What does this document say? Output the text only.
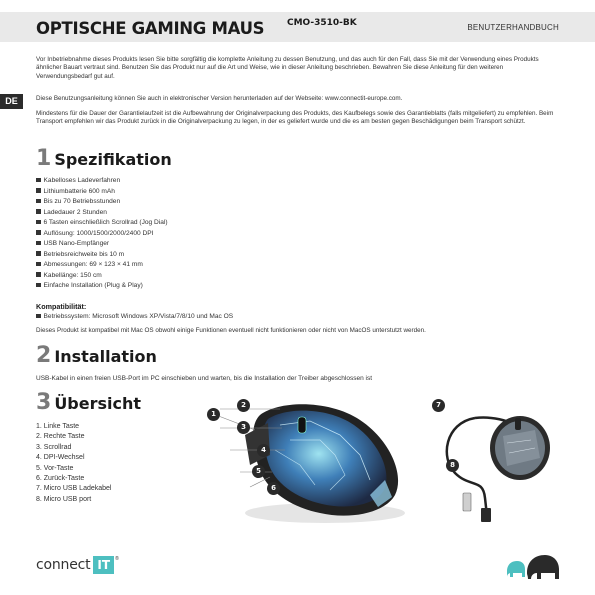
OPTISCHE GAMING MAUS	CMO-3510-BK	BENUTZERHANDBUCH
DE

Vor Inbetriebnahme dieses Produkts lesen Sie bitte sorgfältig die komplette Anleitung zu dessen Benutzung, und das auch für den Fall, dass Sie mit der Verwendung eines Produkts ähnlicher Bauart vertraut sind. Benutzen Sie das Produkt nur auf die Art und Weise, wie in dieser Anleitung beschrieben. Bewahren Sie diese Anleitung für den weiteren Verwendungsbedarf gut auf.

Diese Benutzungsanleitung können Sie auch in elektronischer Version herunterladen auf der Webseite: www.connectit-europe.com.

Mindestens für die Dauer der Garantielaufzeit ist die Aufbewahrung der Originalverpackung des Produkts, des Kaufbelegs sowie des Garantieblatts (falls mitgeliefert) zu empfehlen. Beim Transport empfehlen wir das Produkt zurück in die Originalverpackung zu legen, in der es geliefert wurde und die es am besten gegen Beschädigungen beim Transport schützt.

1 Spezifikation
Kabelloses Ladeverfahren
Lithiumbatterie 600 mAh
Bis zu 70 Betriebsstunden
Ladedauer 2 Stunden
6 Tasten einschließlich Scrollrad (Jog Dial)
Auflösung: 1000/1500/2000/2400 DPI
USB Nano-Empfänger
Betriebsreichweite bis 10 m
Abmessungen: 69 × 123 × 41 mm
Kabellänge: 150 cm
Einfache Installation (Plug & Play)
Kompatibilität:
Betriebssystem: Microsoft Windows XP/Vista/7/8/10 und Mac OS
Dieses Produkt ist kompatibel mit Mac OS obwohl einige Funktionen eventuell nicht funktionieren oder nicht von MacOS unterstutzt werden.
2 Installation
USB-Kabel in einen freien USB-Port im PC einschieben und warten, bis die Installation der Treiber abgeschlossen ist
3 Übersicht
1. Linke Taste
2. Rechte Taste
3. Scrollrad
4. DPI-Wechsel
5. Vor-Taste
6. Zurück-Taste
7. Micro USB Ladekabel
8. Micro USB port
1
2
3
4
5
6
7
8
connect IT	®
